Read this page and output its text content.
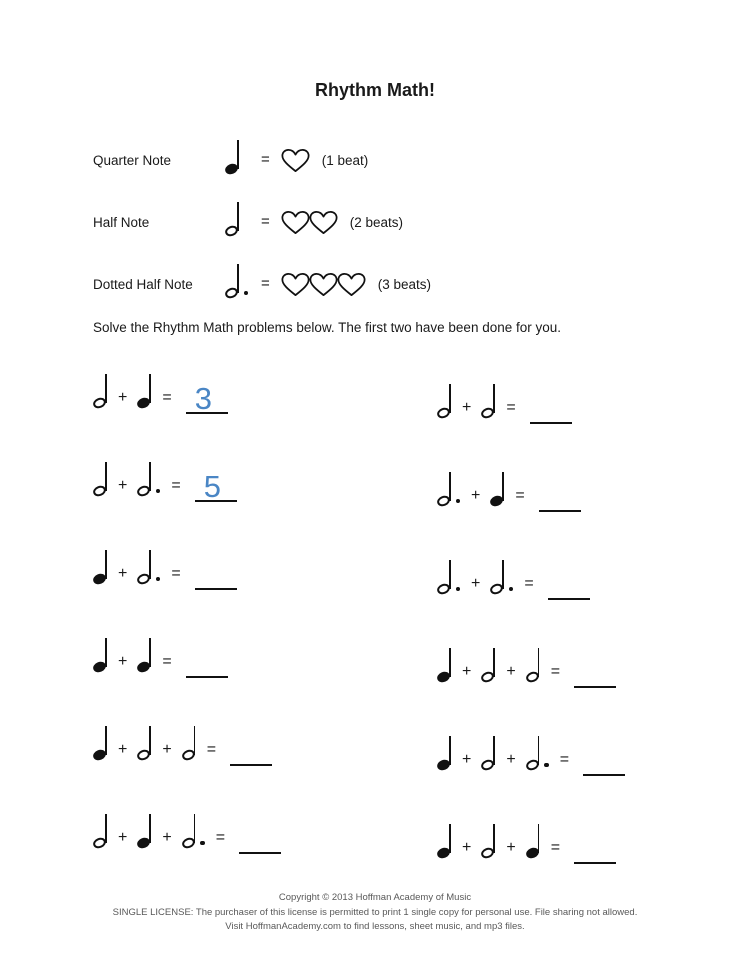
Rhythm Math!
Quarter Note	=	(1 beat)
Half Note	=	(2 beats)
Dotted Half Note	=	(3 beats)
Solve the Rhythm Math problems below. The first two have been done for you.
+ = 3
+	= 5
+	=
+ =
+ + =
+ +	=
+ =
+ =
+	=
+ + =
+ +	=
+ + =
Copyright © 2013 Hoffman Academy of Music
SINGLE LICENSE: The purchaser of this license is permitted to print 1 single copy for personal use. File sharing not allowed.
Visit HoffmanAcademy.com to find lessons, sheet music, and mp3 files.
